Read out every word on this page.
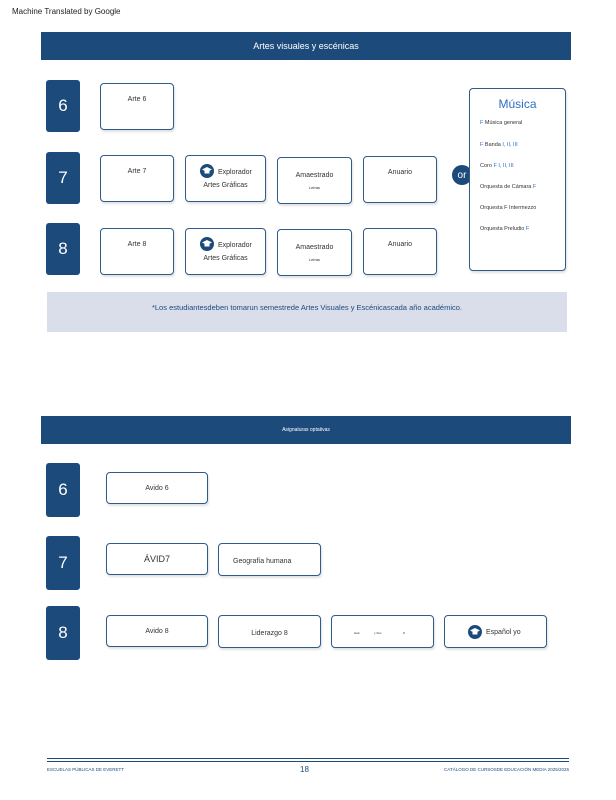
Machine Translated by Google
Artes visuales y escénicas
6	Arte 6
7	Arte 7	Explorador
Artes Gráficas
Amaestrado
Letras
Anuario
8	Arte 8	Explorador
Artes Gráficas
Amaestrado
Letras
Anuario
or
Música
F Música general
F Banda I, II, III
Coro F I, II, III
Orquesta de Cámara F
Orquesta F Intermezzo
Orquesta Preludio F
*Los estudiantesdeben tomarun semestrede Artes Visuales y Escénicascada año académico.
Asignaturas optativas
6	Avido 6
7	ÁVID7	Geografía humana
8	Avido 8	Liderazgo 8	Hab	y Sus	8	Español yo
ESCUELAS PÚBLICAS DE EVERETT	18	CATÁLOGO DE CURSOSDE EDUCACIÓN MEDIA 2025/2026
